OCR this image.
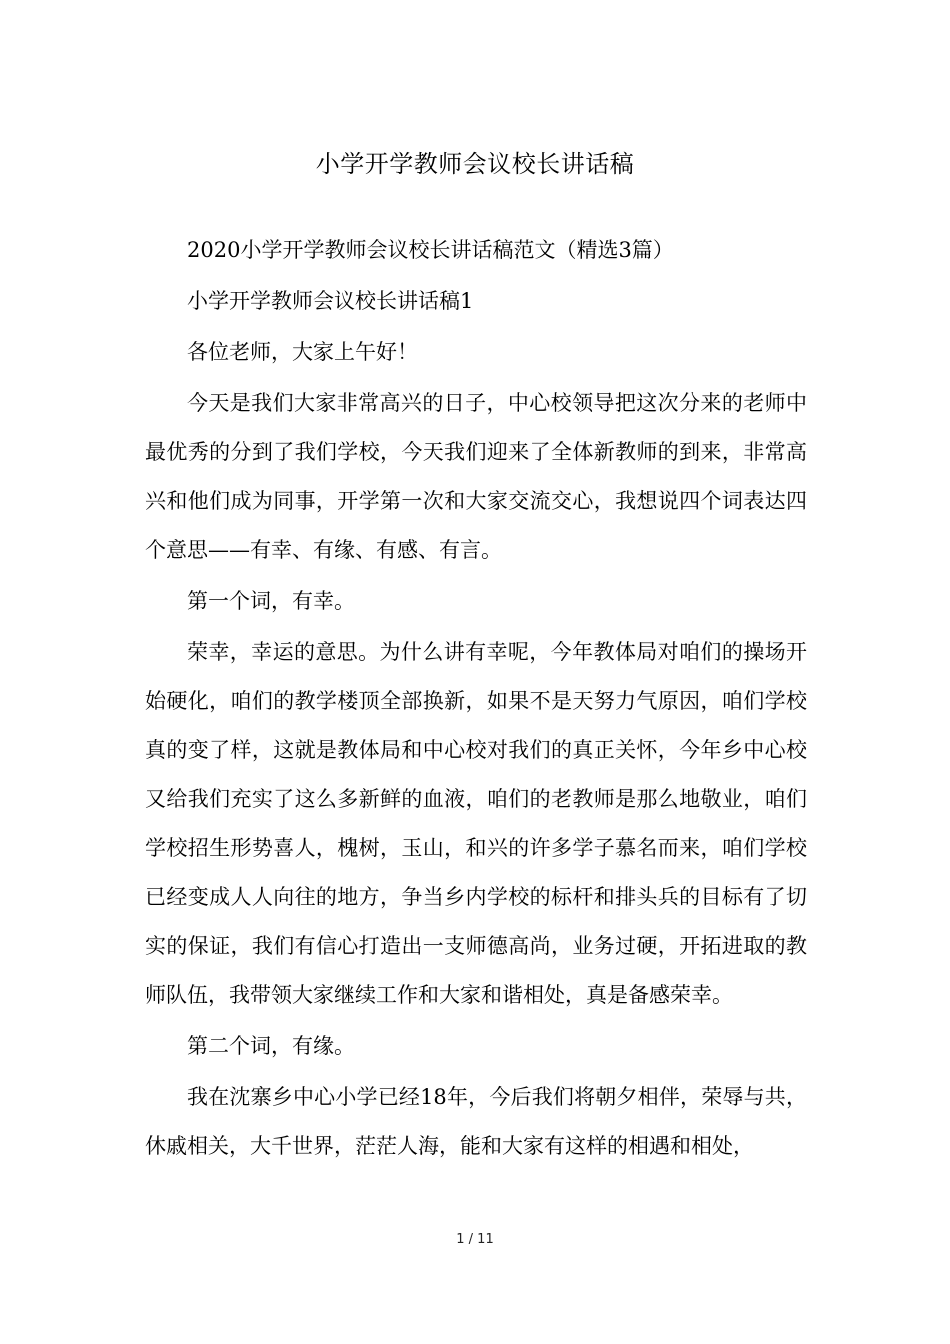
小学开学教师会议校长讲话稿

2020小学开学教师会议校长讲话稿范文（精选3篇）

小学开学教师会议校长讲话稿1

各位老师，大家上午好！

今天是我们大家非常高兴的日子，中心校领导把这次分来的老师中最优秀的分到了我们学校，今天我们迎来了全体新教师的到来，非常高兴和他们成为同事，开学第一次和大家交流交心，我想说四个词表达四个意思——有幸、有缘、有感、有言。

第一个词，有幸。

荣幸，幸运的意思。为什么讲有幸呢，今年教体局对咱们的操场开始硬化，咱们的教学楼顶全部换新，如果不是天努力气原因，咱们学校真的变了样，这就是教体局和中心校对我们的真正关怀，今年乡中心校又给我们充实了这么多新鲜的血液，咱们的老教师是那么地敬业，咱们学校招生形势喜人，槐树，玉山，和兴的许多学子慕名而来，咱们学校已经变成人人向往的地方，争当乡内学校的标杆和排头兵的目标有了切实的保证，我们有信心打造出一支师德高尚，业务过硬，开拓进取的教师队伍，我带领大家继续工作和大家和谐相处，真是备感荣幸。

第二个词，有缘。

我在沈寨乡中心小学已经18年，今后我们将朝夕相伴，荣辱与共，休戚相关，大千世界，茫茫人海，能和大家有这样的相遇和相处，

1 / 11
